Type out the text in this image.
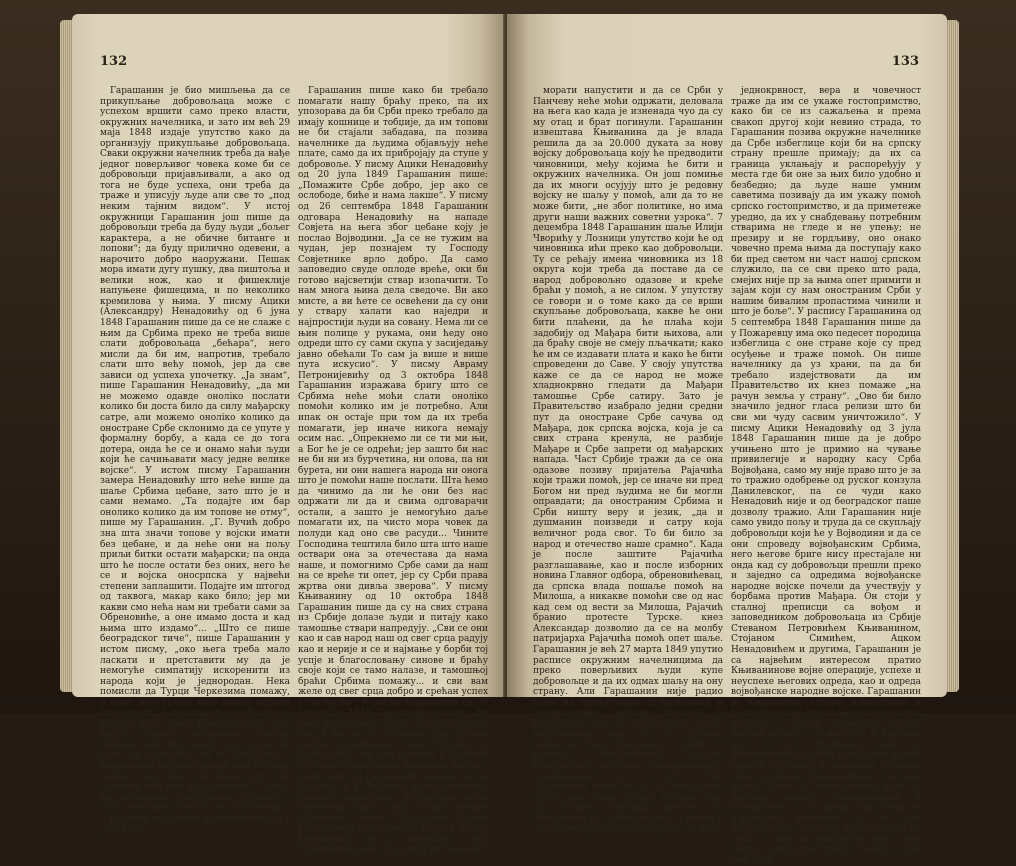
132

Гарашанин је био мишљења да се прикупљање добровољаца може с успехом вршити само преко власти, окружних начелника, и зато им већ 29 маја 1848 издаје упутство како да организују прикупљање добровољаца. Сваки окружни начелник треба да нађе једног поверљивог човека коме би се добровољци пријављивали, а ако од тога не буде успеха, они треба да траже и уписују људе али све то „под неким тајним видом“. У истој окружници Гарашанин још пише да добровољци треба да буду људи „бољег карактера, а не обичне битанге и лопови“; да буду прилично одевени, а нарочито добро наоружани. Пешак мора имати дугу пушку, два пиштоља и велики нож, као и фишеклије напуњене фишецима, и по неколико кремилова у њима. У писму Ацики (Александру) Ненадовићу од 6 јуна 1848 Гарашанин пише да се не слаже с њим да Србима преко не треба више слати добровољаца „бећара“, него мисли да би им, напротив, требало слати што већу помоћ, јер да све зависи од успеха упочетку. „Ја знам“, пише Гарашанин Ненадовићу, „да ми не можемо одавде оноліко послати колико би доста било да силу мађарску сатре, али можемо оноліко колико да оностране Србе склонимо да се упуте у формалну борбу, а када се до тога дотера, онда ће се и онамо наћи људи који ће сачињавати масу једне велике војске“. У истом писму Гарашанин замера Ненадовићу што неће више да шаље Србима цебане, зато што је и сами немамо. „Та подајте им бар онолико колико да им топове не отму“, пише му Гарашанин. „Г. Вучић добро зна шта значи топове у војски имати без цебане, и да неће они на пољу приљи битки остати мађарски; па онда што ће после остати без оних, него ће се и војска оносрпска у највећи степени заплашити. Подајте им штогод од таквога, макар како било; јер ми какви смо нећа нам ни требати сами за Обреновиће, а оне имамо доста и кад њима што издамо“... „Што се пише београдског тиче“, пише Гарашанин у истом писму, „око њега треба мало ласкати и претставити му да је немогуће симпатију искоренити из народа који је једнородан. Нека помисли да Турци Черкезима помажу, и опет зато Порта није никад морала одговарати. У противном ако би му се казати да и сама Правитељство има доста узрока негодовати против Мађара, који веру нашу гази, а кад би нам цар дозволио, ми би због тога с формалном војском против њих Мађара пошли; али овако ми ћемо само ову слушати што нам цар заповеда... Боже, дај избављење оностраним Србима, а то ће бити ако их ми мало угосовљено“. У расписи окружним начелницима од 1 јула 1848

Гарашанин пише како би требало помагати нашу браћу преко, па их упозорава да би Срби преко требало да имају кошнице и тобџије, да им топови не би стајали забадава, па позива начелнике да људима објављују неће плате, само да их прибројају да ступе у добровоље. У писму Ацики Ненадовићу од 20 јула 1849 Гарашанин пише: „Помажите Србе добро, јер ако се ослободе, биће и нама лакше“. У писму од 26 септембра 1848 Гарашанин одговара Ненадовићу на нападе Совјета на њега због цебане коју је послао Војводини. „Ја се не тужим на чудан, јер познајем ту Господу Совјетнике врло добро. Да само заповедио свуде оплоде вреће, оки би готово најсветији ствар изопачити. То нам многа њина дела сведоче. Ви ако мисте, а ви ћете се освећени да су они у ствару халати као наједри и најпростији људи на совану. Нема ли се њин полице у рукама, они ћеду оно одреди што су сами скупа у засиједању јавно обећали То сам ја више и више пута искусио“. У писму Авраму Петронијевићу од 3 октобра 1848 Гарашанин изражава бригу што се Србима неће моћи слати оноліко помоћи колико им је потребно. Али ипак он остаје при том да их треба помагати, јер иначе никога немају осим нас. „Опрекнемо ли се ти ми њи, а Бог ће је се одрећи; јер зашто би нас не би ни из бурчетина, ни олова, па ни бурета, ни они нашега народа ни онога што је помоћи наше послати. Шта ћемо да чинимо да ли ће они без нас одржати ли да и свима одговарачи остали, а зашто је немогућно даље помагати их, па чисто мора човек да полуди кад оно све расуди... Чините Господина тештила било шта што наше оствари она за отечестава да нама наше, и помогнимо Србе сами да наш на се вреће ти опет, јер су Срби права жртва они дивља зверова“. У писму Књиванину од 10 октобра 1848 Гарашанин пише да су на свих страна из Србије долазе људи и питају како тамошње ствари напредују. „Сви се они као и сав народ наш од свег срца радују као и нерије и се и најмање у борби тој успје и благословању синове и браћу своје који се тамо налазе, и тамошњој браћи Србима помажу... и сви вам желе од свег срца добро и срећан успех у тој борби“. У писму Књиванину од 30 новембра 1848 Гарашанин пише: „Ви тако испуњавате једну жудност за све нас, а ако ви са осталима једу у неки нашим управнењем тамо оставите ту браћу онда сви сун прошли и бадиава не бити толике наше досадање жртве“. Једно чему је Гарашанин замерао јесте то што се у борбама преко муниција нештиће располана. „Ја мислим да ни Борђоније битка није толико цебане строшила“, пише Гарашанин Ацики Ненадовићу 9 септембра 1848. У писму Књиванину од 2 децембра 1848 Гарашанин пише да је вест да ће Банат

133

морати напустити и да се Срби у Панчеву неће моћи одржати, деловала на њега као када је изненада чуо да су му отац и брат погинули. Гарашанин извештава Књиванина да је влада решила да за 20.000 дуката за нову војску добровољаца коју ће предводити чиновници, међу којима ће бити и окружних начелника. Он још помиње да их многи осујују што је редовну војску не шаљу у помоћ, али да то не може бити, „не због политике, но има други наши важних советни узрока“. 7 децембра 1848 Гарашанин шаље Илији Чворићу у Лозници упутство који ће од чиновника ићи преко као добровољци. Ту се рећају имена чиновника из 18 округа који треба да поставе да се народ добровољно одазове и креће браћи у помоћ, а не силом. У упутству се говори и о томе како да се врши скупљање добровољаца, какве ће они бити плаћени, да ће плаћа који задобију од Мађара бити њихова, али да браћу своје не смеју пљачкати; како ће им се издавати плата и како ће бити спроведени до Саве. У своју упутства каже се да се народ не може хладнокрвно гледати да Мађари тамошње Србе сатиру. Зато је Правитељство изабрало једни средни пут да оностране Србе сачува од Мађара, док српска војска, која је са свих страна кренула, не разбије Мађаре и Србе запрети од мађарских напада. Част Србије тражи да се она одазове позиву пријатеља Рајачића који тражи помоћ, јер се иначе ни пред Богом ни пред људима не би могли оправдати; да оностраним Србима и Срби ништу веру и језик, „да и душманин поизведи и сатру која величног рода свог. То би било за народ и отечество наше срамно“. Када је после заштите Рајачића разглашавање, као и после изборних новина Главног одбора, обреновићевац, да српска влада пошаље помоћ на Милоша, а никакве помоћи све од нас кад сем од вести за Милоша, Рајачић бранио протесте Турске. кнез Александар дозволио да се на молбу патријарха Рајачића помоћ опет шаље. Гарашанин је већ 27 марта 1849 упутио расписе окружним начелницима да преко поверљивих људи купе добровољце и да их одмах шаљу на ону страну. Али Гарашанин није радио само на прикупљању добровољаца и организовању њихове прелаза у Војводину, него је и указивао помоћ избеглицама који су се испред мађарског беса спасавали у Србију. У распису начелницима округа београдског, шабачког, смедеревског и пожаревачког од 3 јула 1848 Гарашанин пише да су од оностраних Срба, који беже испред Мађара, око две стотине породица прешле код Митровице на српску страну, а многи и са других страна беже у Србију. И како

једнокрвност, вера и човечност траже да им се укаже гостопримство, како би се из сажаљења и према свакоп другој који невино страда, то Гарашанин позива окружне начелнике да Србе избеглице који би на српску страну прешле примају; да их са граница уклањају и распоређују у места где би оне за њих било удобно и безбедно; да људе наше умним саветима позивају да им укажу помоћ српско гостопримство, и да приметеже уредно, да их у снабдевању потребним стварима не гледе и не упењу; не презиру и не гордљиву, оно онако човечно према њима да поступају како би пред светом ни част нашој српском служило, па се сви преко што рада, смејих није пр за њима опет примити и зајам који су нам оностраним Срби у нашим бивалим пропастима чинили и што је боље“. У распису Гарашанина од 5 септембра 1848 Гарашанин пише да у Пожаревцу има око педесет породица избеглица с оне стране које су пред осуђење и траже помоћ. Он пише начелнику да уз храни, па да би требало издејствовати да им Правитељство их кнез помаже „на рачун земља у страну“. „Ово би било значило једног гласа релизи што би сви ми чуду сасвим уничтожило“. У писму Ацики Ненадовићу од 3 јула 1848 Гарашанин пише да је добро учињено што је примио на чување привилегије и народну касу Срба Војвођана, само му није право што је за то тражио одобрење од руског конзула Данилевског, па се чуди како Ненадовић није и од београдског паше дозволу тражио. Али Гарашанин није само увидо пољу и труда да се скупљају добровољци који ће у Војводини и да се они спроведу војвођанским Србима, него његове бриге нису престајале ни онда кад су добровољци прешли преко и заједно са одредима војвођанске народне војске почели да учествују у борбама против Мађара. Он стоји у сталној преписци са вођом и заповедником добровољаца из Србије Стеваном Петровићем Књиванином, Стојаном Симићем, Ацком Ненадовићем и другима, Гарашанин је са највећим интересом пратио Књиванинове војне операције, успехе и неуспехе његових одреда, као и одреда војвођанске народне војске. Гарашанин је Књиванина стално извештавао и радостима које су код њега лично и код народа у Србији изазивали успеси његове војске, а о жалости и бригама које су их обузимали када су Књиванинови одреди и народна војска трпели неуспехе и западали у тешке војне положаје. Гарашанин је исто тако водио бригу о оностранима које су претале линију Књиванинових и извештавао га о њима, при чему је изражавао мишљење да би сарт Књиванинова значила највећи удар не само за његове пријатеље, него, пре свега, за народну ствар о којој су сви они води
